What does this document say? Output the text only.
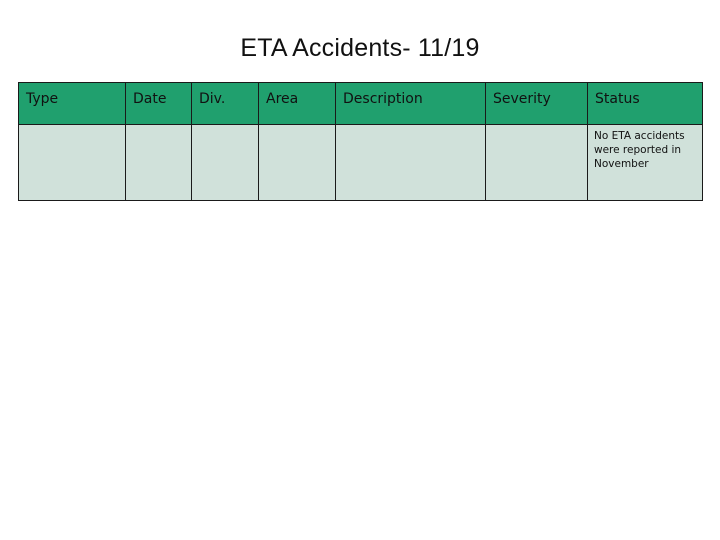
ETA Accidents- 11/19
Type	Date	Div.	Area	Description	Severity	Status
						No ETA accidents were reported in November
